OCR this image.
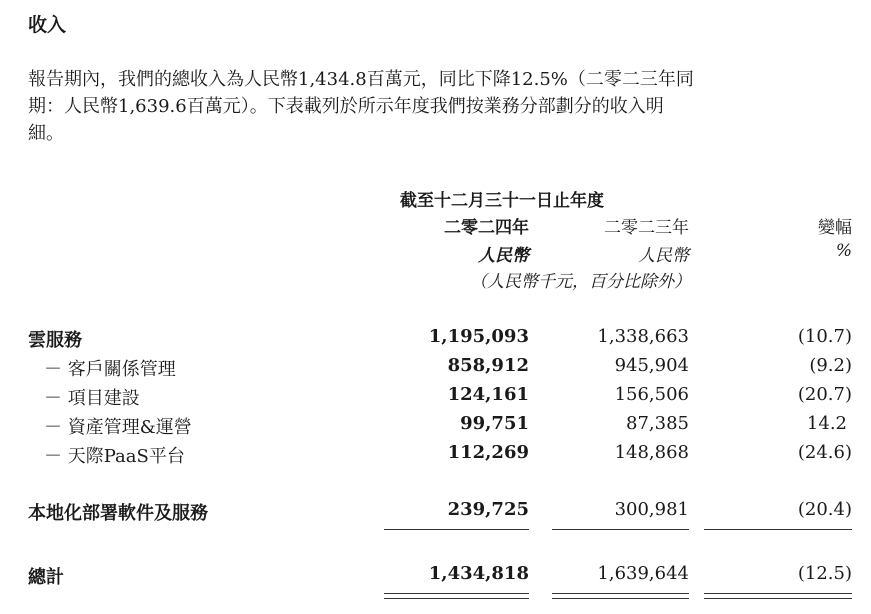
收入
報告期內，我們的總收入為人民幣1,434.8百萬元，同比下降12.5%（二零二三年同
期：人民幣1,639.6百萬元）。下表載列於所示年度我們按業務分部劃分的收入明
細。
截至十二月三十一日止年度
二零二四年	二零二三年	變幅
人民幣	人民幣	%
（人民幣千元，百分比除外）
雲服務	1,195,093	1,338,663	(10.7)
－ 客戶關係管理	858,912	945,904	(9.2)
－ 項目建設	124,161	156,506	(20.7)
－ 資產管理&運營	99,751	87,385	14.2
－ 天際PaaS平台	112,269	148,868	(24.6)
本地化部署軟件及服務	239,725	300,981	(20.4)
總計	1,434,818	1,639,644	(12.5)
